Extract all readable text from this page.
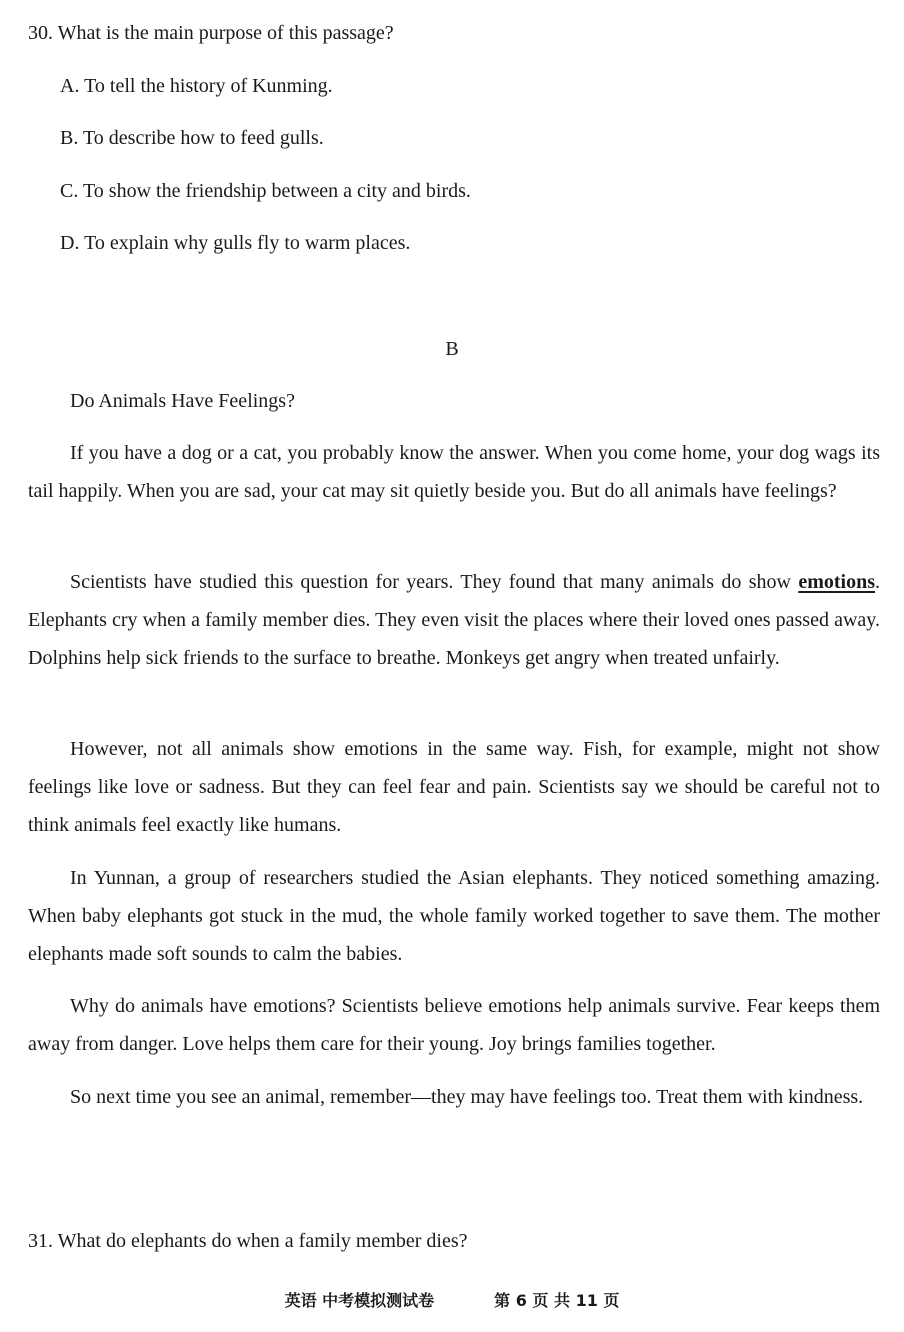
30. What is the main purpose of this passage?
A. To tell the history of Kunming.
B. To describe how to feed gulls.
C. To show the friendship between a city and birds.
D. To explain why gulls fly to warm places.
B
Do Animals Have Feelings?
If you have a dog or a cat, you probably know the answer. When you come home, your dog wags its tail happily. When you are sad, your cat may sit quietly beside you. But do all animals have feelings?
Scientists have studied this question for years. They found that many animals do show emotions. Elephants cry when a family member dies. They even visit the places where their loved ones passed away. Dolphins help sick friends to the surface to breathe. Monkeys get angry when treated unfairly.
However, not all animals show emotions in the same way. Fish, for example, might not show feelings like love or sadness. But they can feel fear and pain. Scientists say we should be careful not to think animals feel exactly like humans.
In Yunnan, a group of researchers studied the Asian elephants. They noticed something amazing. When baby elephants got stuck in the mud, the whole family worked together to save them. The mother elephants made soft sounds to calm the babies.
Why do animals have emotions? Scientists believe emotions help animals survive. Fear keeps them away from danger. Love helps them care for their young. Joy brings families together.
So next time you see an animal, remember—they may have feelings too. Treat them with kindness.
31. What do elephants do when a family member dies?
英语 中考模拟测试卷	第 6 页 共 11 页
